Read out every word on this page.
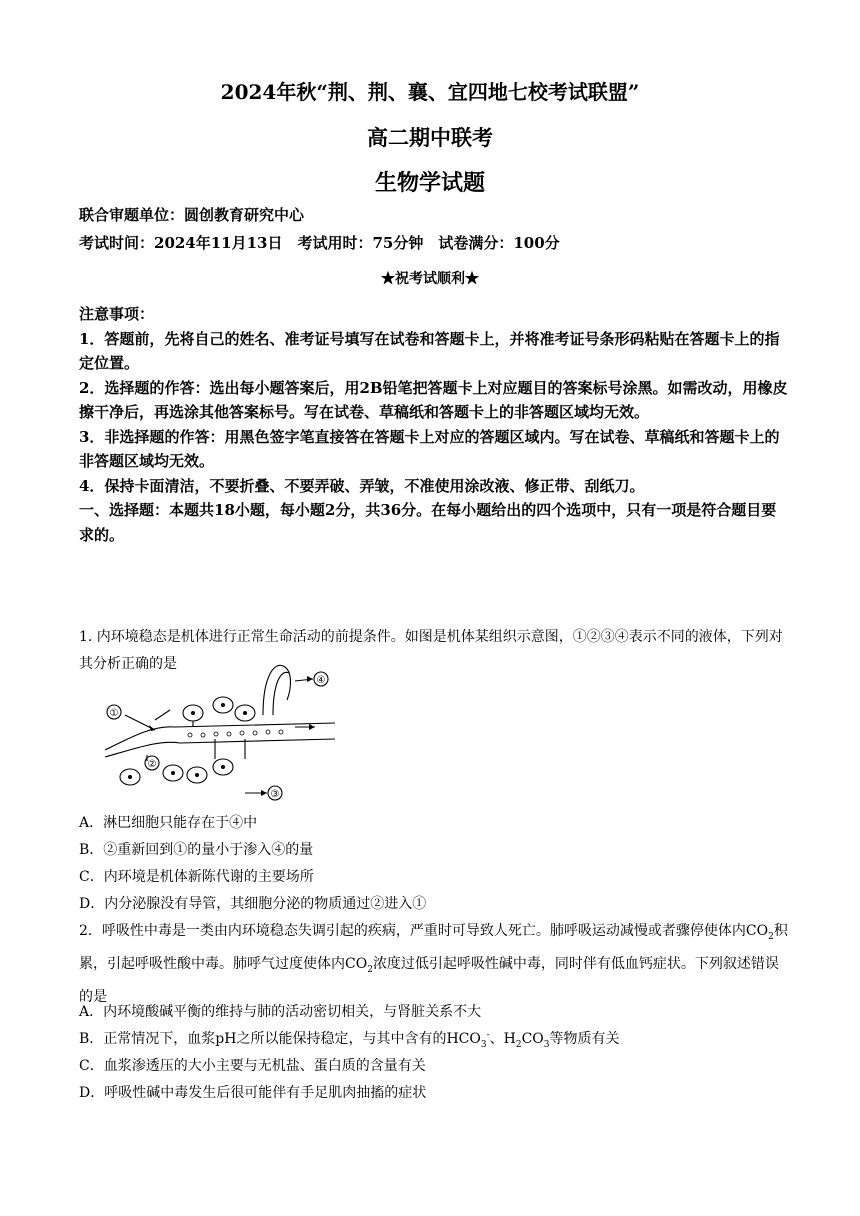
2024年秋“荆、荆、襄、宜四地七校考试联盟”
高二期中联考
生物学试题
联合审题单位：圆创教育研究中心
考试时间：2024年11月13日　考试用时：75分钟　试卷满分：100分
★祝考试顺利★

注意事项：

1．答题前，先将自己的姓名、准考证号填写在试卷和答题卡上，并将准考证号条形码粘贴在答题卡上的指定位置。

2．选择题的作答：选出每小题答案后，用2B铅笔把答题卡上对应题目的答案标号涂黑。如需改动，用橡皮擦干净后，再选涂其他答案标号。写在试卷、草稿纸和答题卡上的非答题区域均无效。

3．非选择题的作答：用黑色签字笔直接答在答题卡上对应的答题区域内。写在试卷、草稿纸和答题卡上的非答题区域均无效。

4．保持卡面清洁，不要折叠、不要弄破、弄皱，不准使用涂改液、修正带、刮纸刀。

一、选择题：本题共18小题，每小题2分，共36分。在每小题给出的四个选项中，只有一项是符合题目要求的。

1. 内环境稳态是机体进行正常生命活动的前提条件。如图是机体某组织示意图，①②③④表示不同的液体，下列对其分析正确的是

①
②
③
④
A．淋巴细胞只能存在于④中
B．②重新回到①的量小于渗入④的量
C．内环境是机体新陈代谢的主要场所
D．内分泌腺没有导管，其细胞分泌的物质通过②进入①

2．呼吸性中毒是一类由内环境稳态失调引起的疾病，严重时可导致人死亡。肺呼吸运动减慢或者骤停使体内$CO_2$积累，引起呼吸性酸中毒。肺呼气过度使体内$CO_2$浓度过低引起呼吸性碱中毒，同时伴有低血钙症状。下列叙述错误的是

A．内环境酸碱平衡的维持与肺的活动密切相关，与肾脏关系不大
B．正常情况下，血浆pH之所以能保持稳定，与其中含有的$HCO_3^-$、$H_2CO_3$等物质有关
C．血浆渗透压的大小主要与无机盐、蛋白质的含量有关
D．呼吸性碱中毒发生后很可能伴有手足肌肉抽搐的症状
